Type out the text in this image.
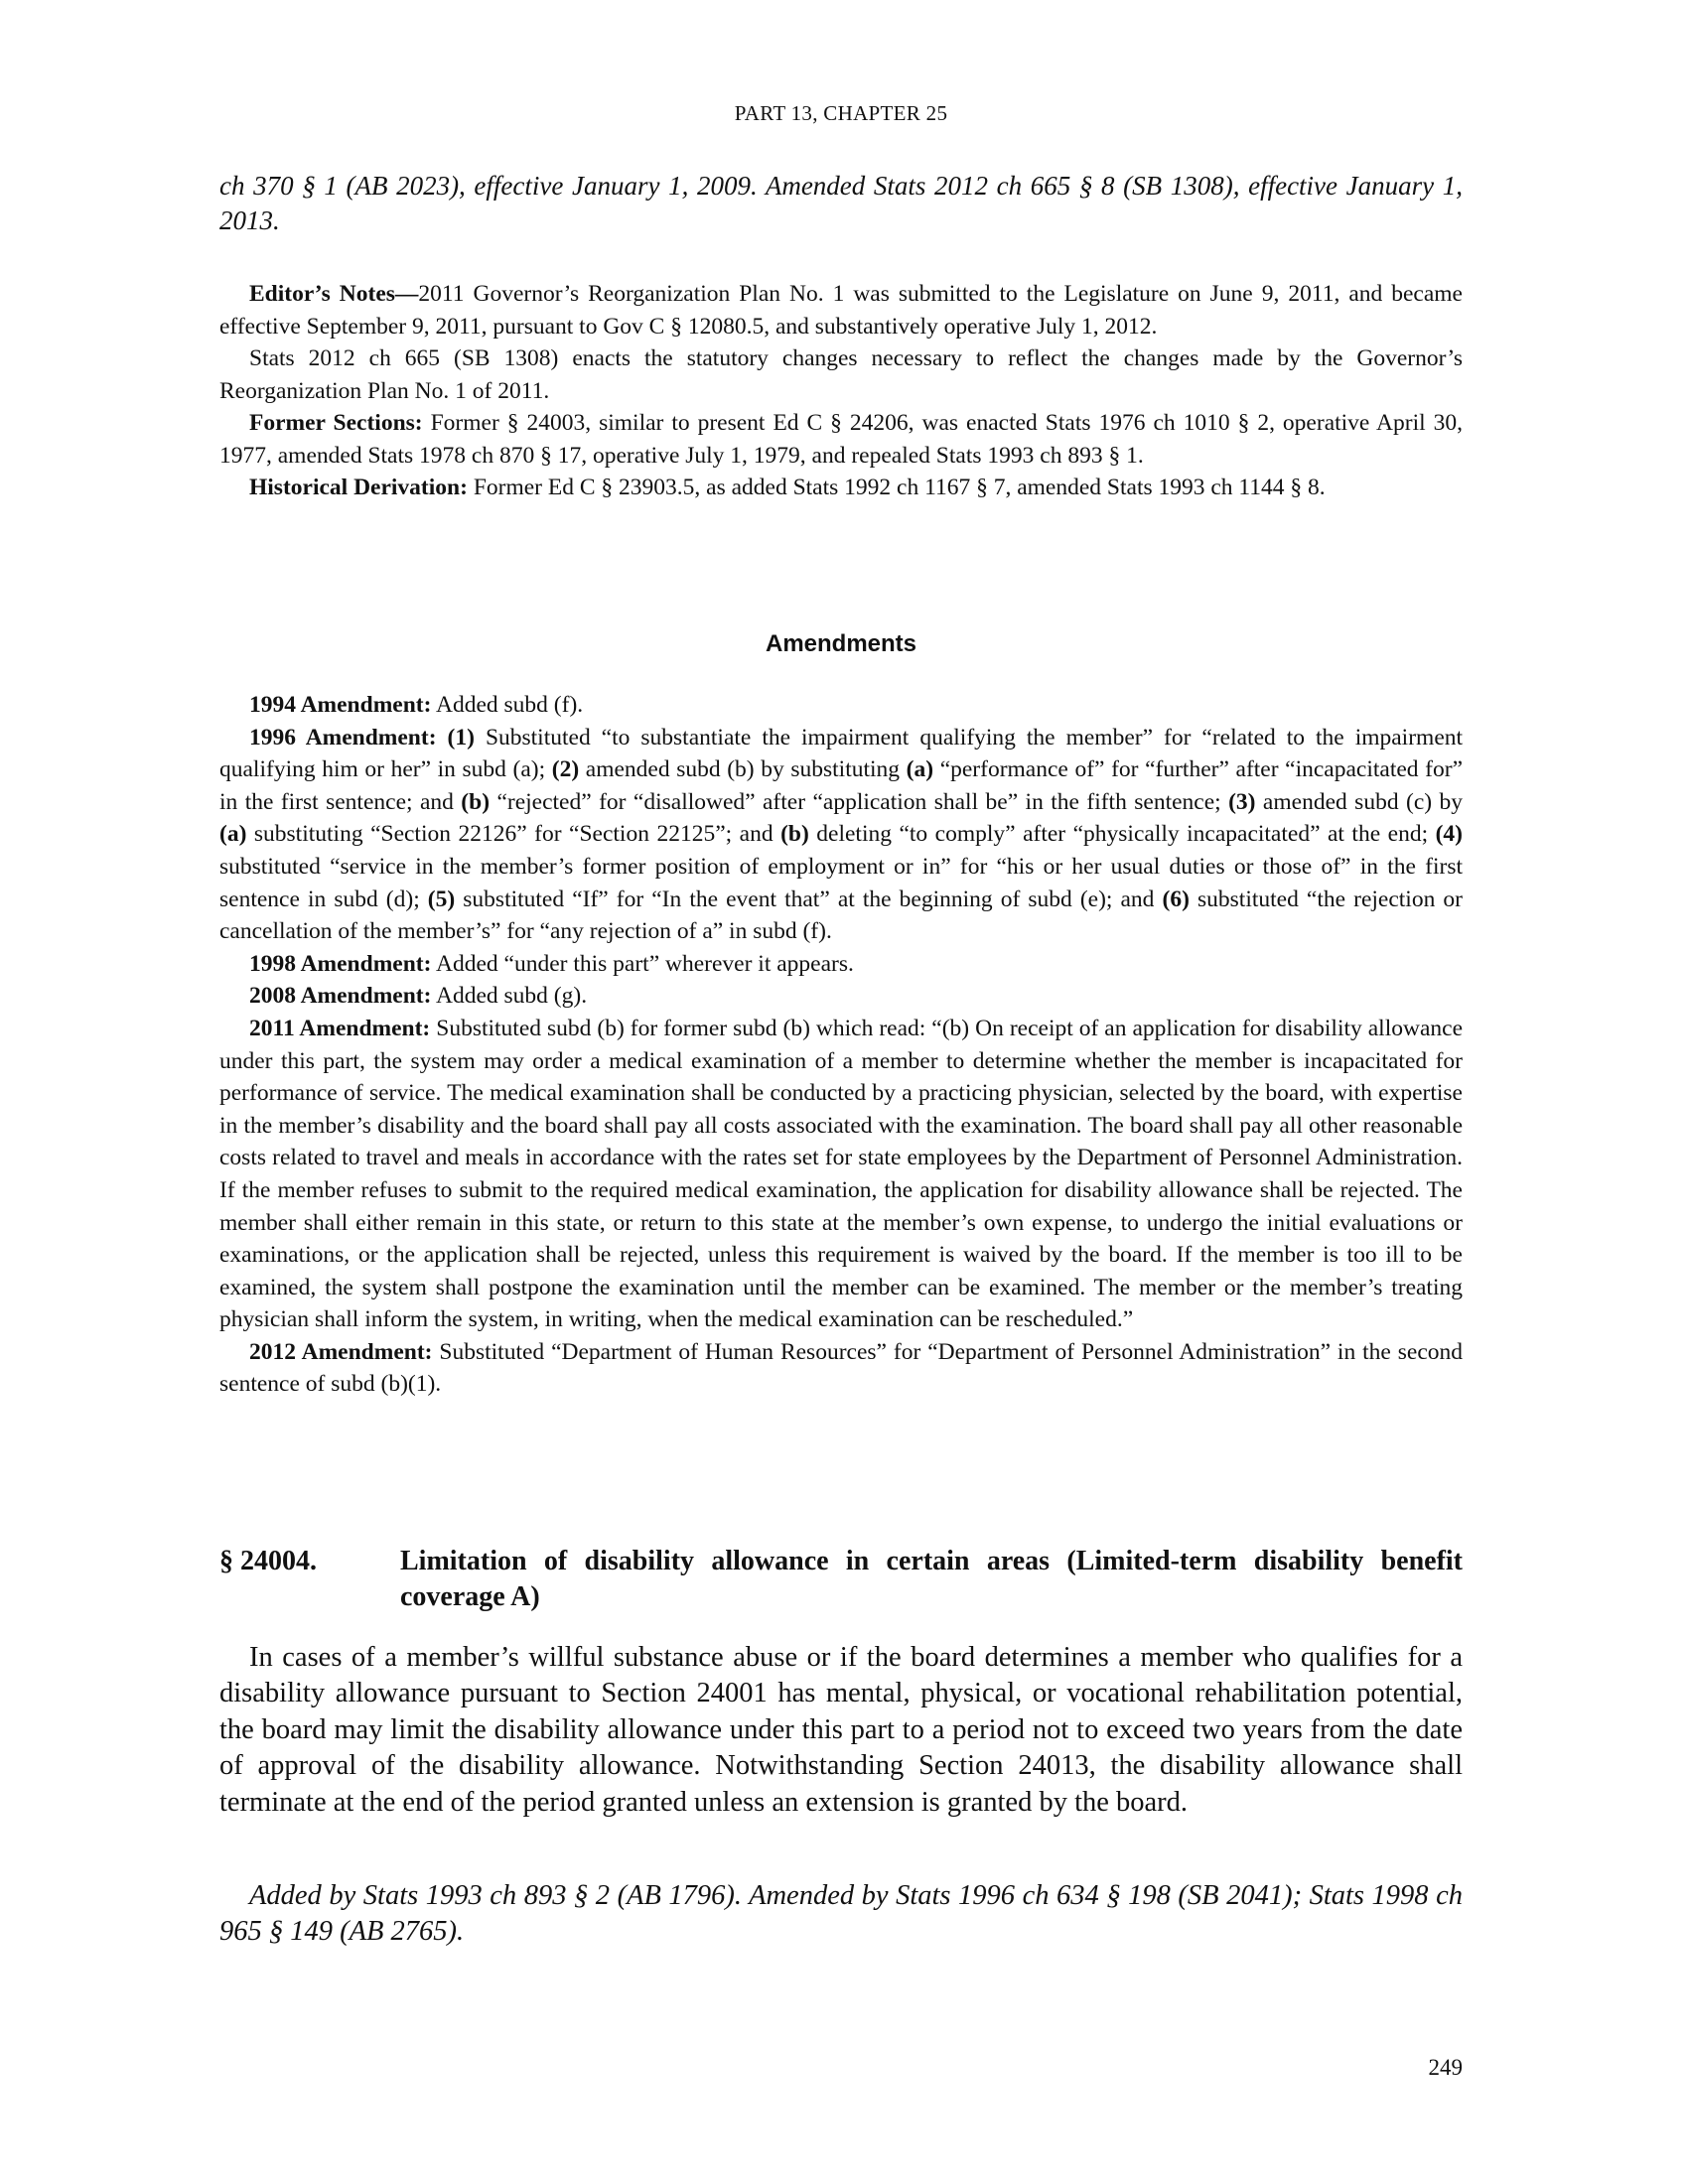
PART 13, CHAPTER 25

ch 370 § 1 (AB 2023), effective January 1, 2009. Amended Stats 2012 ch 665 § 8 (SB 1308), effective January 1, 2013.

Editor’s Notes—2011 Governor’s Reorganization Plan No. 1 was submitted to the Legislature on June 9, 2011, and became effective September 9, 2011, pursuant to Gov C § 12080.5, and substantively operative July 1, 2012.

Stats 2012 ch 665 (SB 1308) enacts the statutory changes necessary to reflect the changes made by the Governor’s Reorganization Plan No. 1 of 2011.

Former Sections: Former § 24003, similar to present Ed C § 24206, was enacted Stats 1976 ch 1010 § 2, operative April 30, 1977, amended Stats 1978 ch 870 § 17, operative July 1, 1979, and repealed Stats 1993 ch 893 § 1.

Historical Derivation: Former Ed C § 23903.5, as added Stats 1992 ch 1167 § 7, amended Stats 1993 ch 1144 § 8.

Amendments

1994 Amendment: Added subd (f).

1996 Amendment: (1) Substituted “to substantiate the impairment qualifying the member” for “related to the impairment qualifying him or her” in subd (a); (2) amended subd (b) by substituting (a) “performance of” for “further” after “incapacitated for” in the first sentence; and (b) “rejected” for “disallowed” after “application shall be” in the fifth sentence; (3) amended subd (c) by (a) substituting “Section 22126” for “Section 22125”; and (b) deleting “to comply” after “physically incapacitated” at the end; (4) substituted “service in the member’s former position of employment or in” for “his or her usual duties or those of” in the first sentence in subd (d); (5) substituted “If” for “In the event that” at the beginning of subd (e); and (6) substituted “the rejection or cancellation of the member’s” for “any rejection of a” in subd (f).

1998 Amendment: Added “under this part” wherever it appears.

2008 Amendment: Added subd (g).

2011 Amendment: Substituted subd (b) for former subd (b) which read: “(b) On receipt of an application for disability allowance under this part, the system may order a medical examination of a member to determine whether the member is incapacitated for performance of service. The medical examination shall be conducted by a practicing physician, selected by the board, with expertise in the member’s disability and the board shall pay all costs associated with the examination. The board shall pay all other reasonable costs related to travel and meals in accordance with the rates set for state employees by the Department of Personnel Administration. If the member refuses to submit to the required medical examination, the application for disability allowance shall be rejected. The member shall either remain in this state, or return to this state at the member’s own expense, to undergo the initial evaluations or examinations, or the application shall be rejected, unless this requirement is waived by the board. If the member is too ill to be examined, the system shall postpone the examination until the member can be examined. The member or the member’s treating physician shall inform the system, in writing, when the medical examination can be rescheduled.”

2012 Amendment: Substituted “Department of Human Resources” for “Department of Personnel Administration” in the second sentence of subd (b)(1).

§ 24004.	Limitation of disability allowance in certain areas (Limited-term disability benefit coverage A)

In cases of a member’s willful substance abuse or if the board determines a member who qualifies for a disability allowance pursuant to Section 24001 has mental, physical, or vocational rehabilitation potential, the board may limit the disability allowance under this part to a period not to exceed two years from the date of approval of the disability allowance. Notwithstanding Section 24013, the disability allowance shall terminate at the end of the period granted unless an extension is granted by the board.

Added by Stats 1993 ch 893 § 2 (AB 1796). Amended by Stats 1996 ch 634 § 198 (SB 2041); Stats 1998 ch 965 § 149 (AB 2765).

249
